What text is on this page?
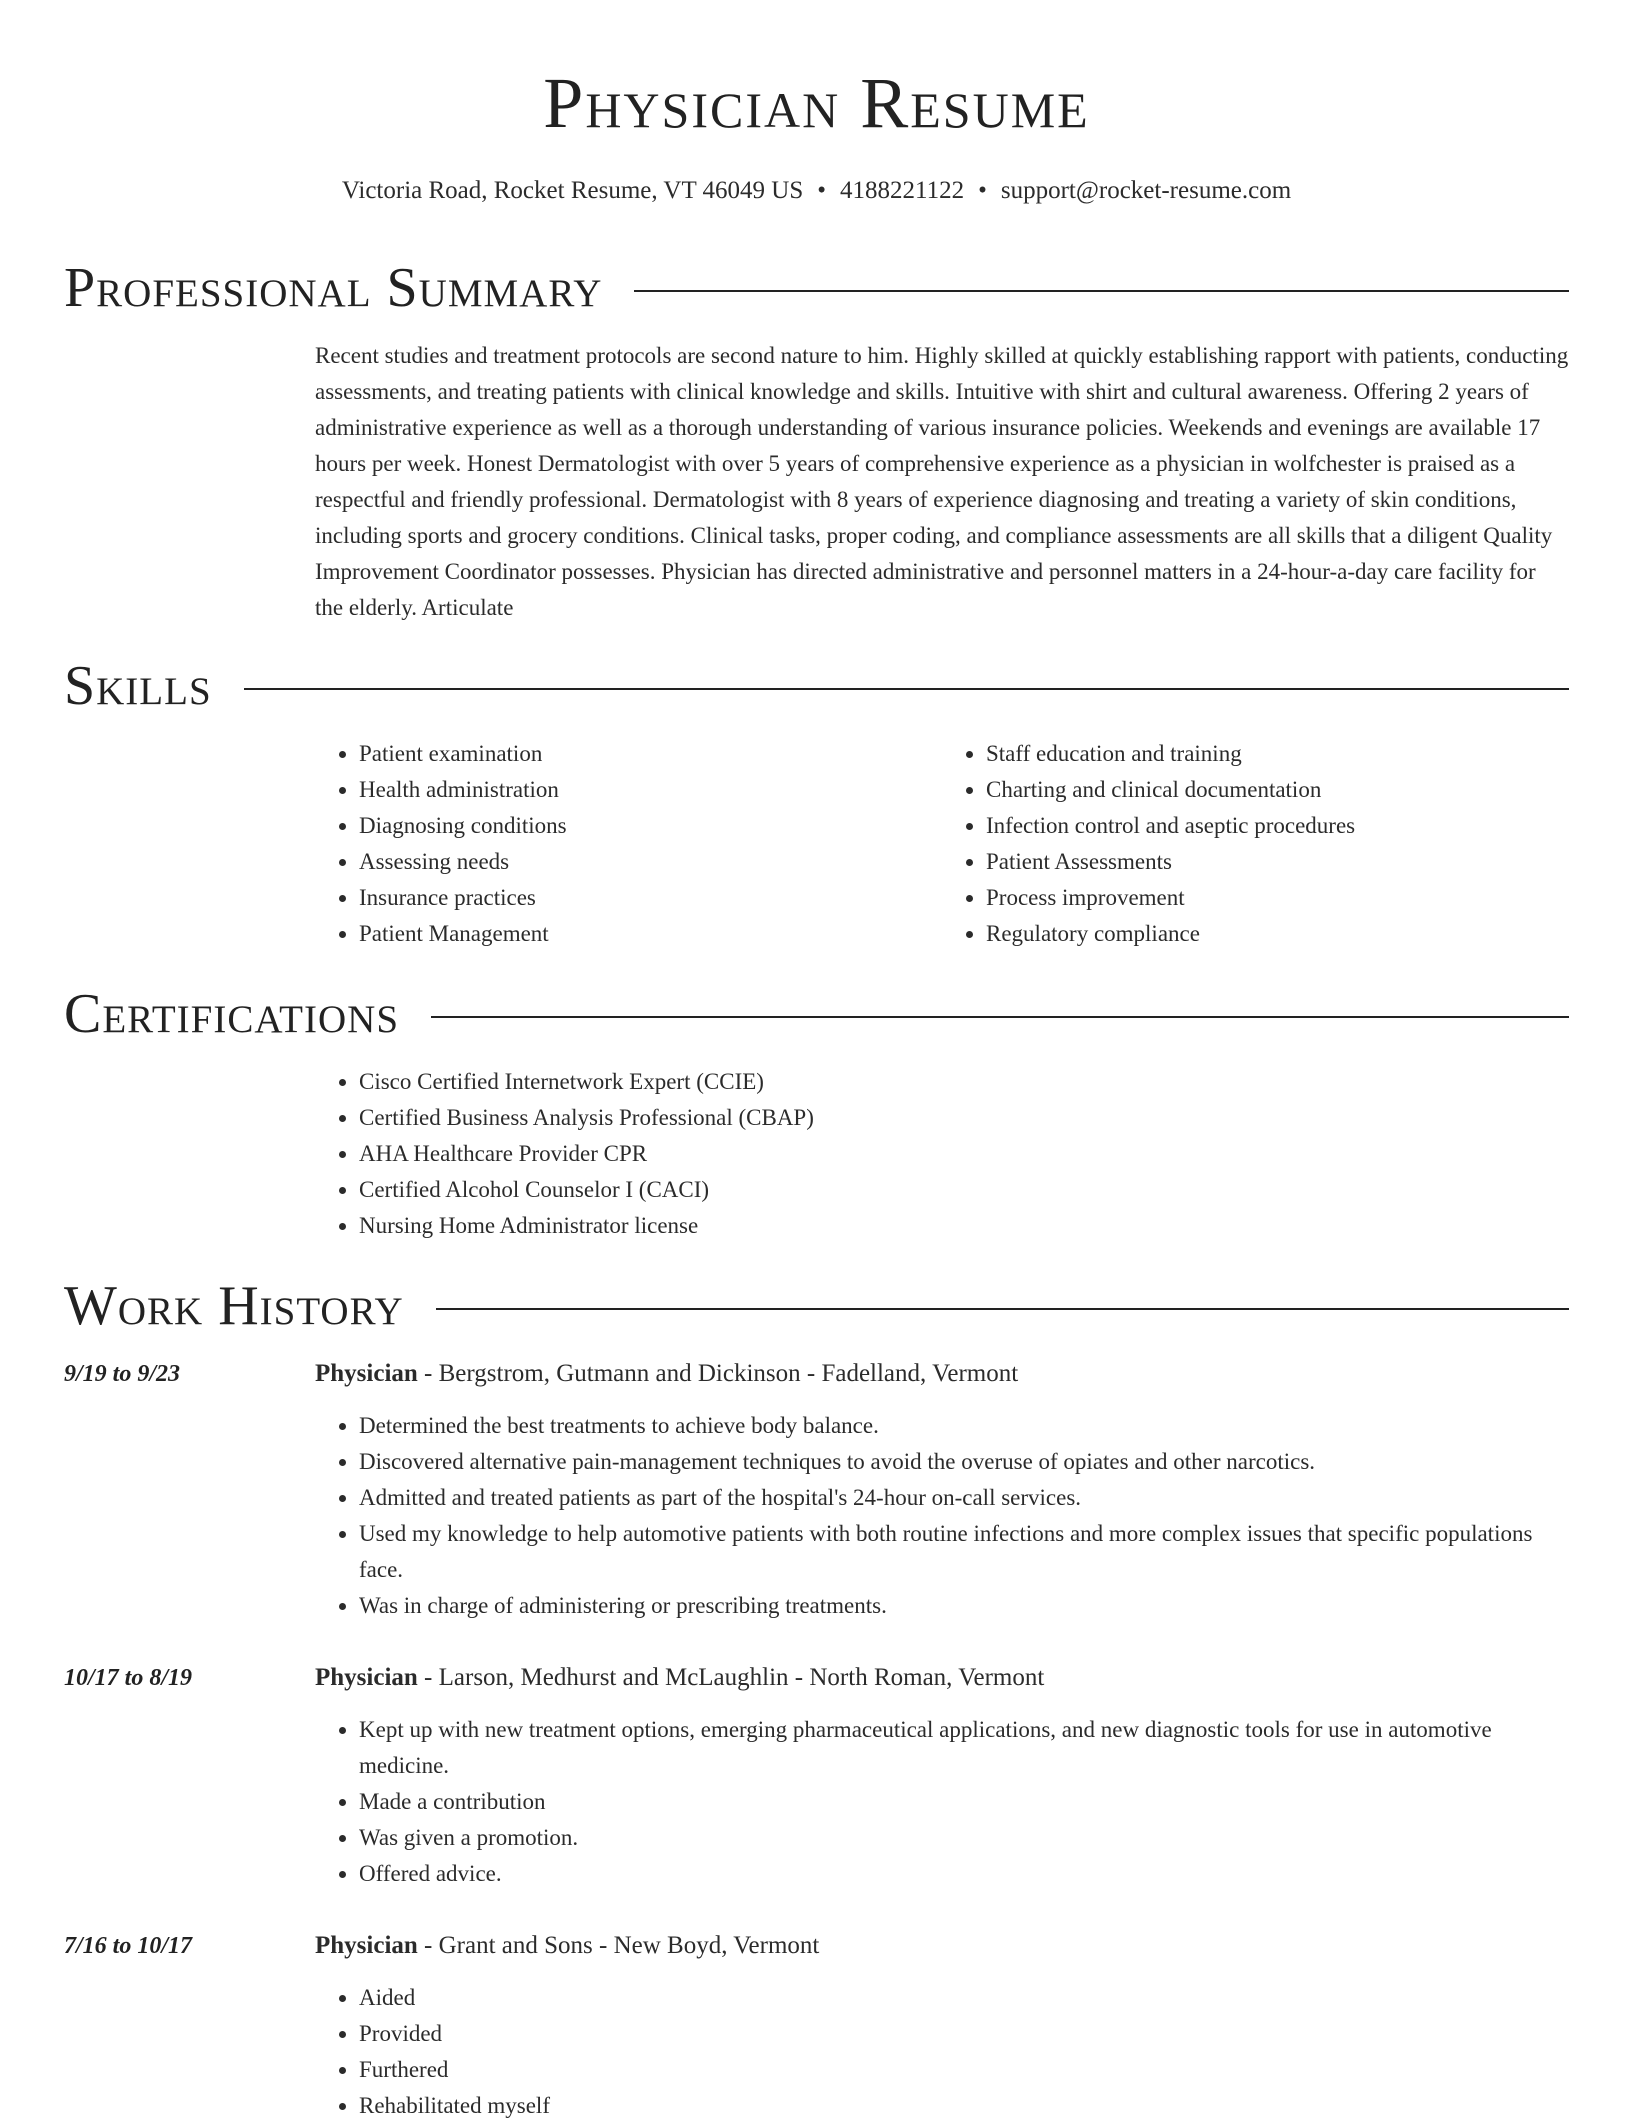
Physician Resume
Victoria Road, Rocket Resume, VT 46049 US • 4188221122 • support@rocket-resume.com
Professional Summary

Recent studies and treatment protocols are second nature to him. Highly skilled at quickly establishing rapport with patients, conducting assessments, and treating patients with clinical knowledge and skills. Intuitive with shirt and cultural awareness. Offering 2 years of administrative experience as well as a thorough understanding of various insurance policies. Weekends and evenings are available 17 hours per week. Honest Dermatologist with over 5 years of comprehensive experience as a physician in wolfchester is praised as a respectful and friendly professional. Dermatologist with 8 years of experience diagnosing and treating a variety of skin conditions, including sports and grocery conditions. Clinical tasks, proper coding, and compliance assessments are all skills that a diligent Quality Improvement Coordinator possesses. Physician has directed administrative and personnel matters in a 24-hour-a-day care facility for the elderly. Articulate

Skills
• Patient examination
• Health administration
• Diagnosing conditions
• Assessing needs
• Insurance practices
• Patient Management
• Staff education and training
• Charting and clinical documentation
• Infection control and aseptic procedures
• Patient Assessments
• Process improvement
• Regulatory compliance
Certifications
• Cisco Certified Internetwork Expert (CCIE)
• Certified Business Analysis Professional (CBAP)
• AHA Healthcare Provider CPR
• Certified Alcohol Counselor I (CACI)
• Nursing Home Administrator license
Work History
9/19 to 9/23	Physician - Bergstrom, Gutmann and Dickinson - Fadelland, Vermont
• Determined the best treatments to achieve body balance.
• Discovered alternative pain-management techniques to avoid the overuse of opiates and other narcotics.
• Admitted and treated patients as part of the hospital's 24-hour on-call services.
• Used my knowledge to help automotive patients with both routine infections and more complex issues that specific populations face.
• Was in charge of administering or prescribing treatments.
10/17 to 8/19	Physician - Larson, Medhurst and McLaughlin - North Roman, Vermont
• Kept up with new treatment options, emerging pharmaceutical applications, and new diagnostic tools for use in automotive medicine.
• Made a contribution
• Was given a promotion.
• Offered advice.
7/16 to 10/17	Physician - Grant and Sons - New Boyd, Vermont
• Aided
• Provided
• Furthered
• Rehabilitated myself
